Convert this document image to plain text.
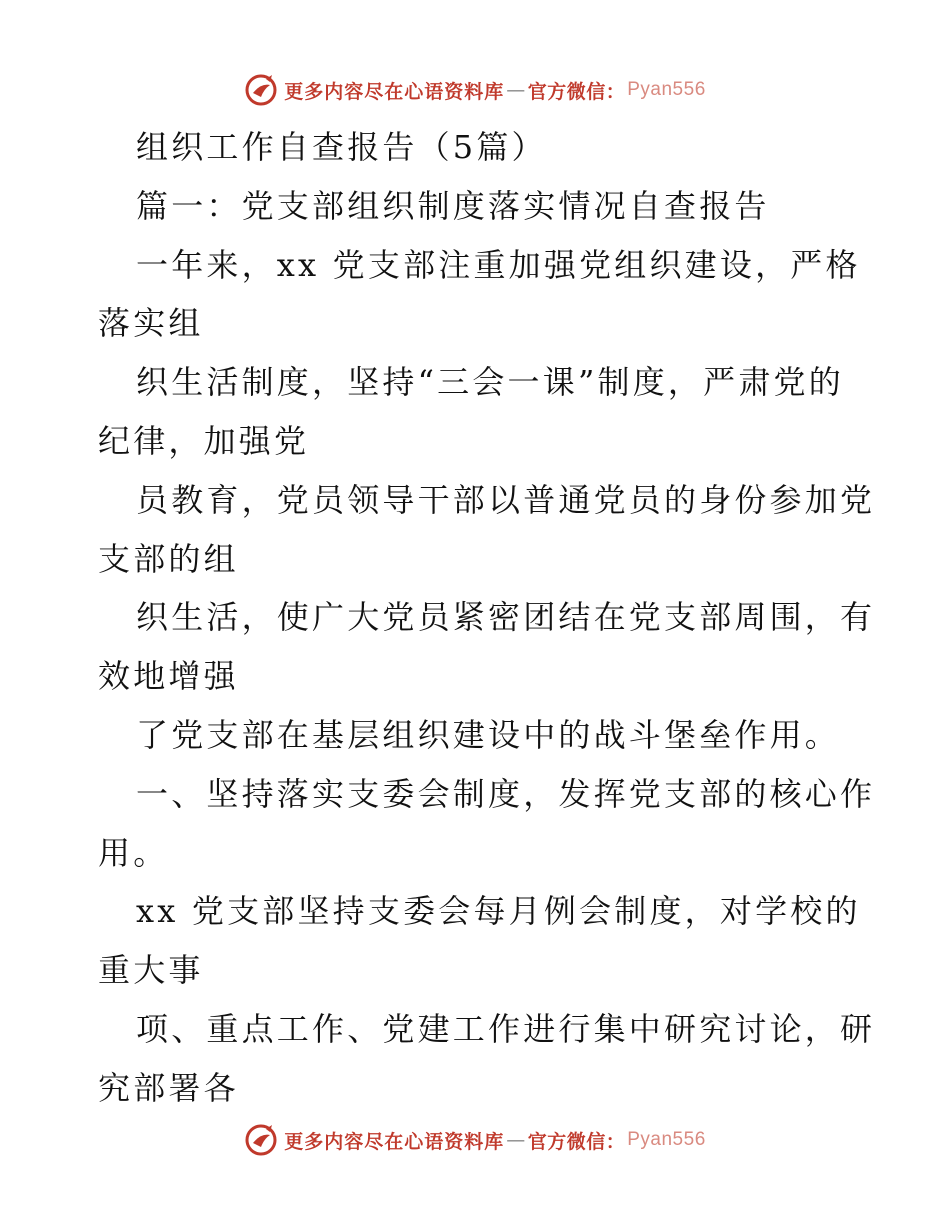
更多内容尽在心语资料库 — 官方微信： Pyan556
组织工作自查报告（5篇）
篇一：党支部组织制度落实情况自查报告
一年来，xx 党支部注重加强党组织建设，严格
落实组
织生活制度，坚持“三会一课”制度，严肃党的
纪律，加强党
员教育，党员领导干部以普通党员的身份参加党
支部的组
织生活，使广大党员紧密团结在党支部周围，有
效地增强
了党支部在基层组织建设中的战斗堡垒作用。
一、坚持落实支委会制度，发挥党支部的核心作
用。
xx 党支部坚持支委会每月例会制度，对学校的
重大事
项、重点工作、党建工作进行集中研究讨论，研
究部署各
更多内容尽在心语资料库 — 官方微信： Pyan556
